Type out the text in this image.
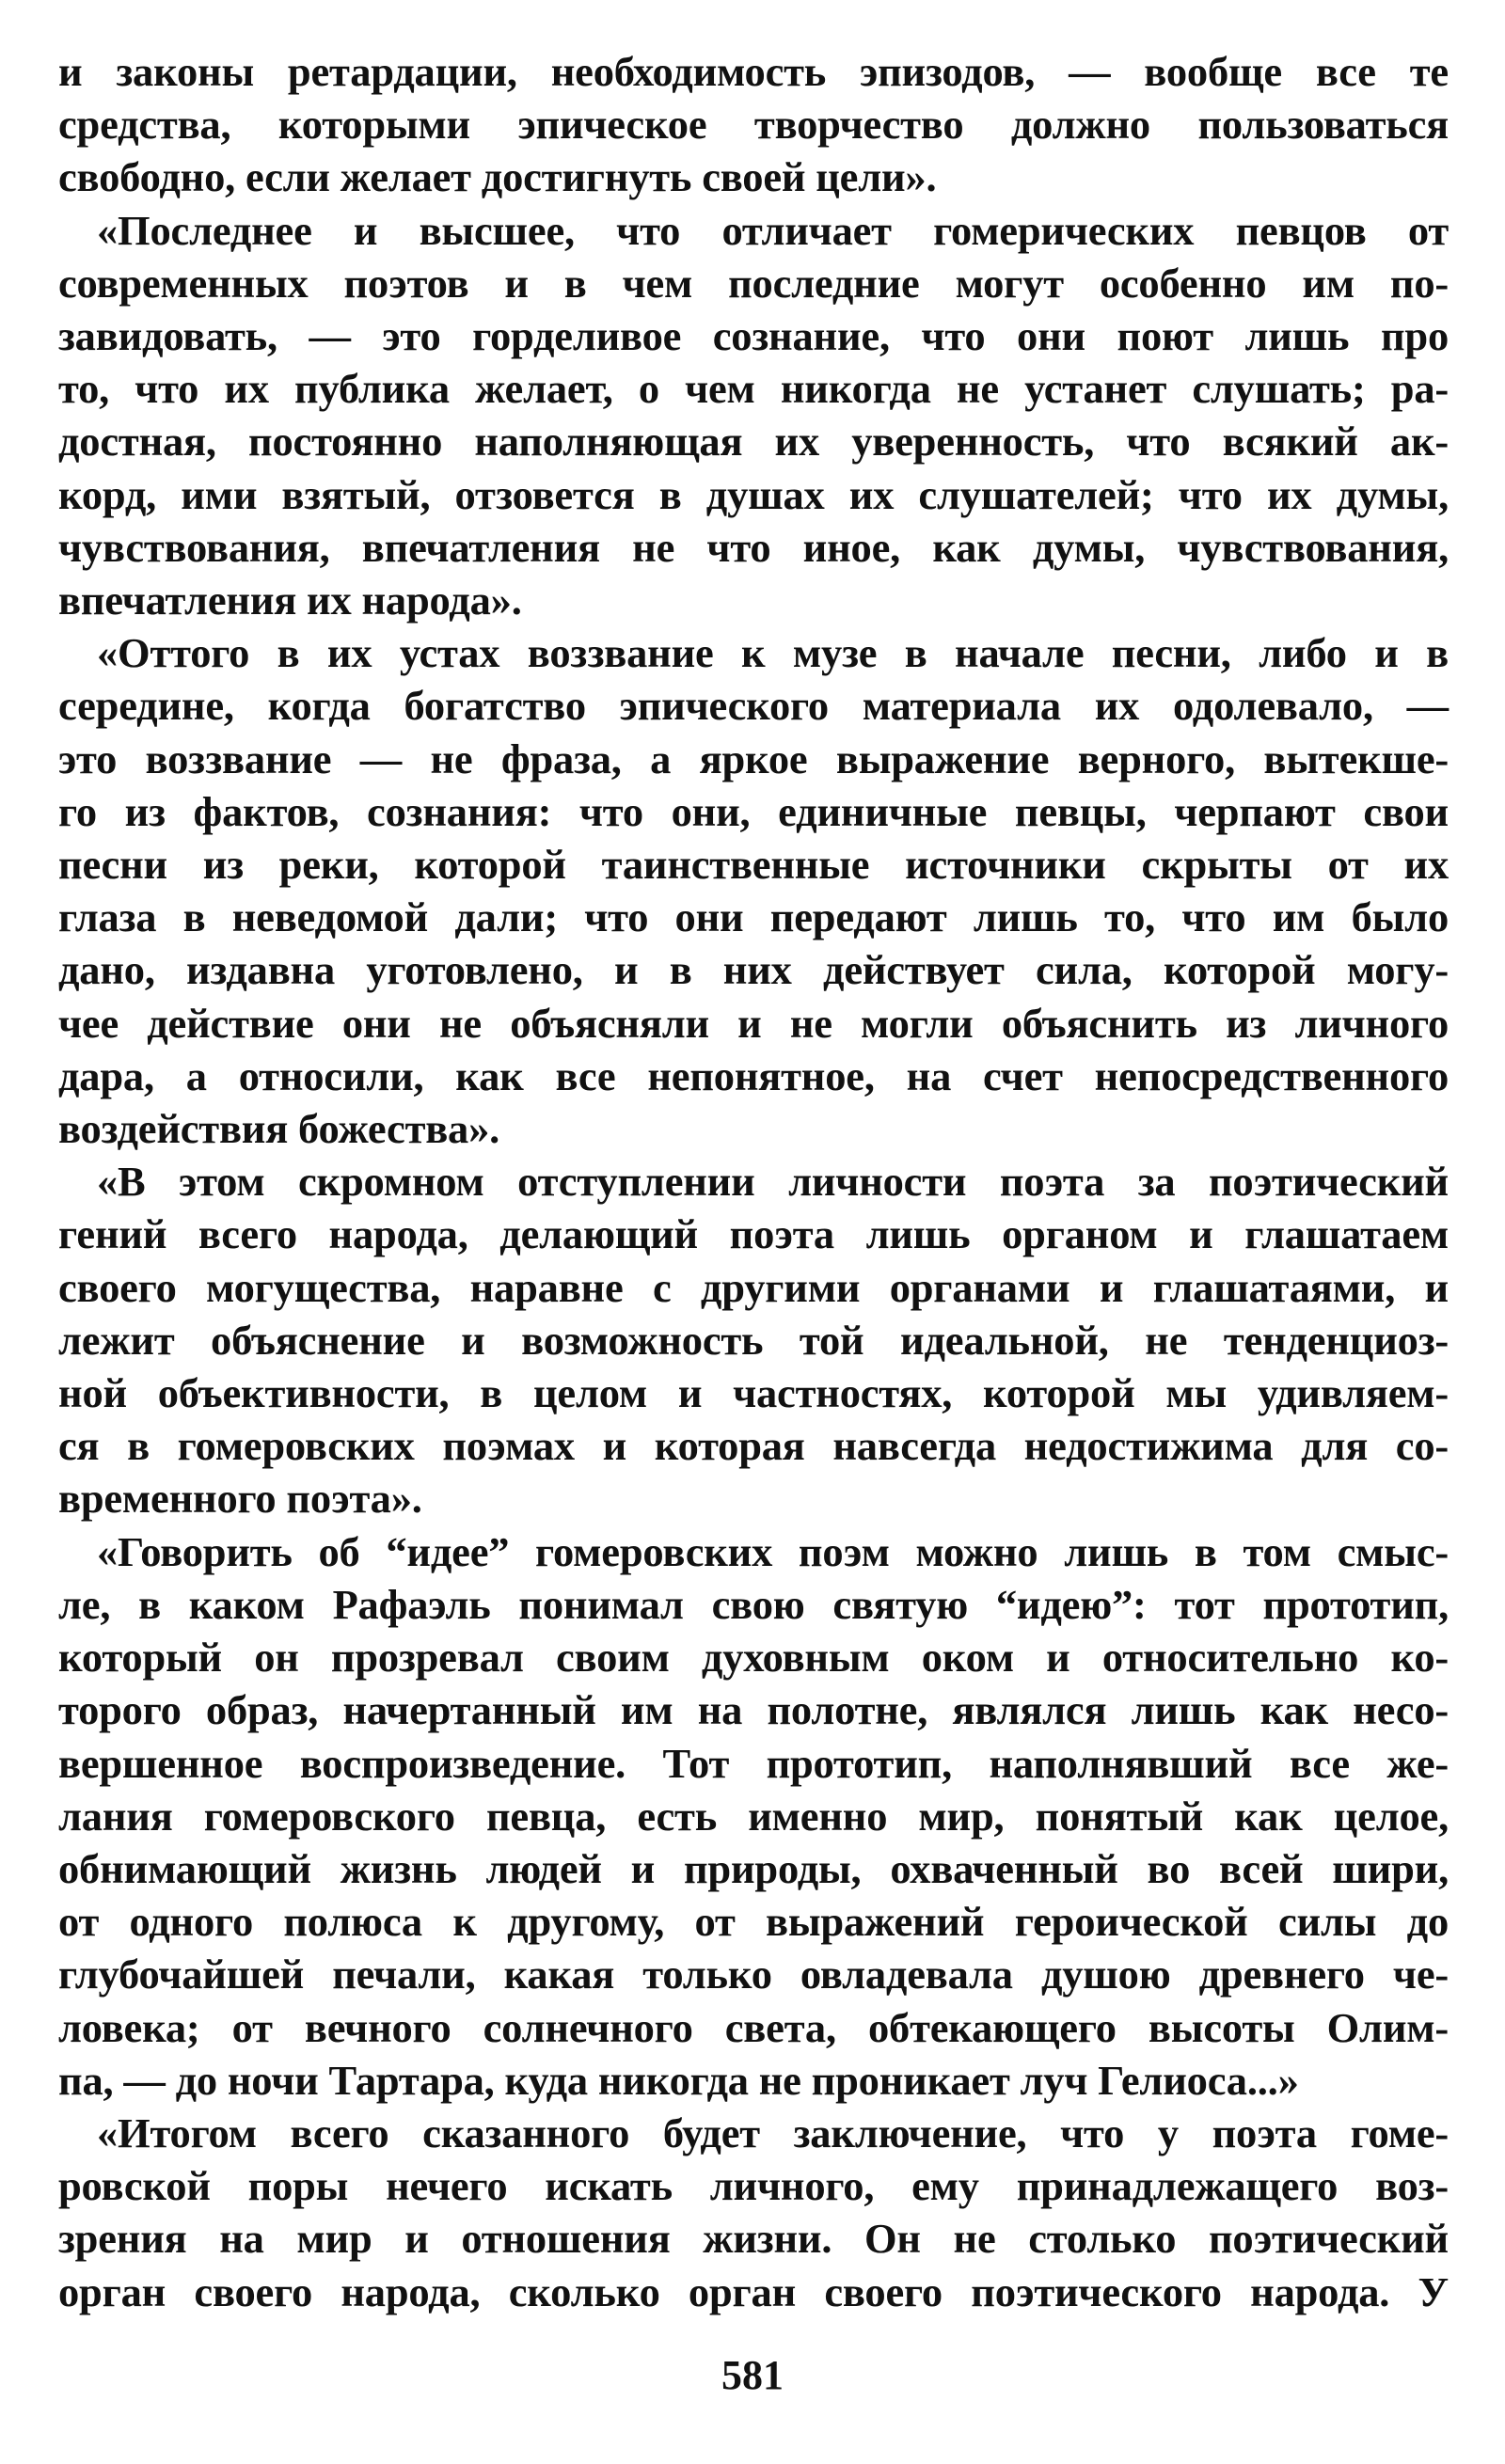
и законы ретардации, необходимость эпизодов, — вообще все те
средства, которыми эпическое творчество должно пользоваться
свободно, если желает достигнуть своей цели».

«Последнее и высшее, что отличает гомерических певцов от
современных поэтов и в чем последние могут особенно им по-
завидовать, — это горделивое сознание, что они поют лишь про
то, что их публика желает, о чем никогда не устанет слушать; ра-
достная, постоянно наполняющая их уверенность, что всякий ак-
корд, ими взятый, отзовется в душах их слушателей; что их думы,
чувствования, впечатления не что иное, как думы, чувствования,
впечатления их народа».

«Оттого в их устах воззвание к музе в начале песни, либо и в
середине, когда богатство эпического материала их одолевало, —
это воззвание — не фраза, а яркое выражение верного, вытекше-
го из фактов, сознания: что они, единичные певцы, черпают свои
песни из реки, которой таинственные источники скрыты от их
глаза в неведомой дали; что они передают лишь то, что им было
дано, издавна уготовлено, и в них действует сила, которой могу-
чее действие они не объясняли и не могли объяснить из личного
дара, а относили, как все непонятное, на счет непосредственного
воздействия божества».

«В этом скромном отступлении личности поэта за поэтический
гений всего народа, делающий поэта лишь органом и глашатаем
своего могущества, наравне с другими органами и глашатаями, и
лежит объяснение и возможность той идеальной, не тенденциоз-
ной объективности, в целом и частностях, которой мы удивляем-
ся в гомеровских поэмах и которая навсегда недостижима для со-
временного поэта».

«Говорить об “идее” гомеровских поэм можно лишь в том смыс-
ле, в каком Рафаэль понимал свою святую “идею”: тот прототип,
который он прозревал своим духовным оком и относительно ко-
торого образ, начертанный им на полотне, являлся лишь как несо-
вершенное воспроизведение. Тот прототип, наполнявший все же-
лания гомеровского певца, есть именно мир, понятый как целое,
обнимающий жизнь людей и природы, охваченный во всей шири,
от одного полюса к другому, от выражений героической силы до
глубочайшей печали, какая только овладевала душою древнего че-
ловека; от вечного солнечного света, обтекающего высоты Олим-
па, — до ночи Тартара, куда никогда не проникает луч Гелиоса...»

«Итогом всего сказанного будет заключение, что у поэта гоме-
ровской поры нечего искать личного, ему принадлежащего воз-
зрения на мир и отношения жизни. Он не столько поэтический
орган своего народа, сколько орган своего поэтического народа. У

581
